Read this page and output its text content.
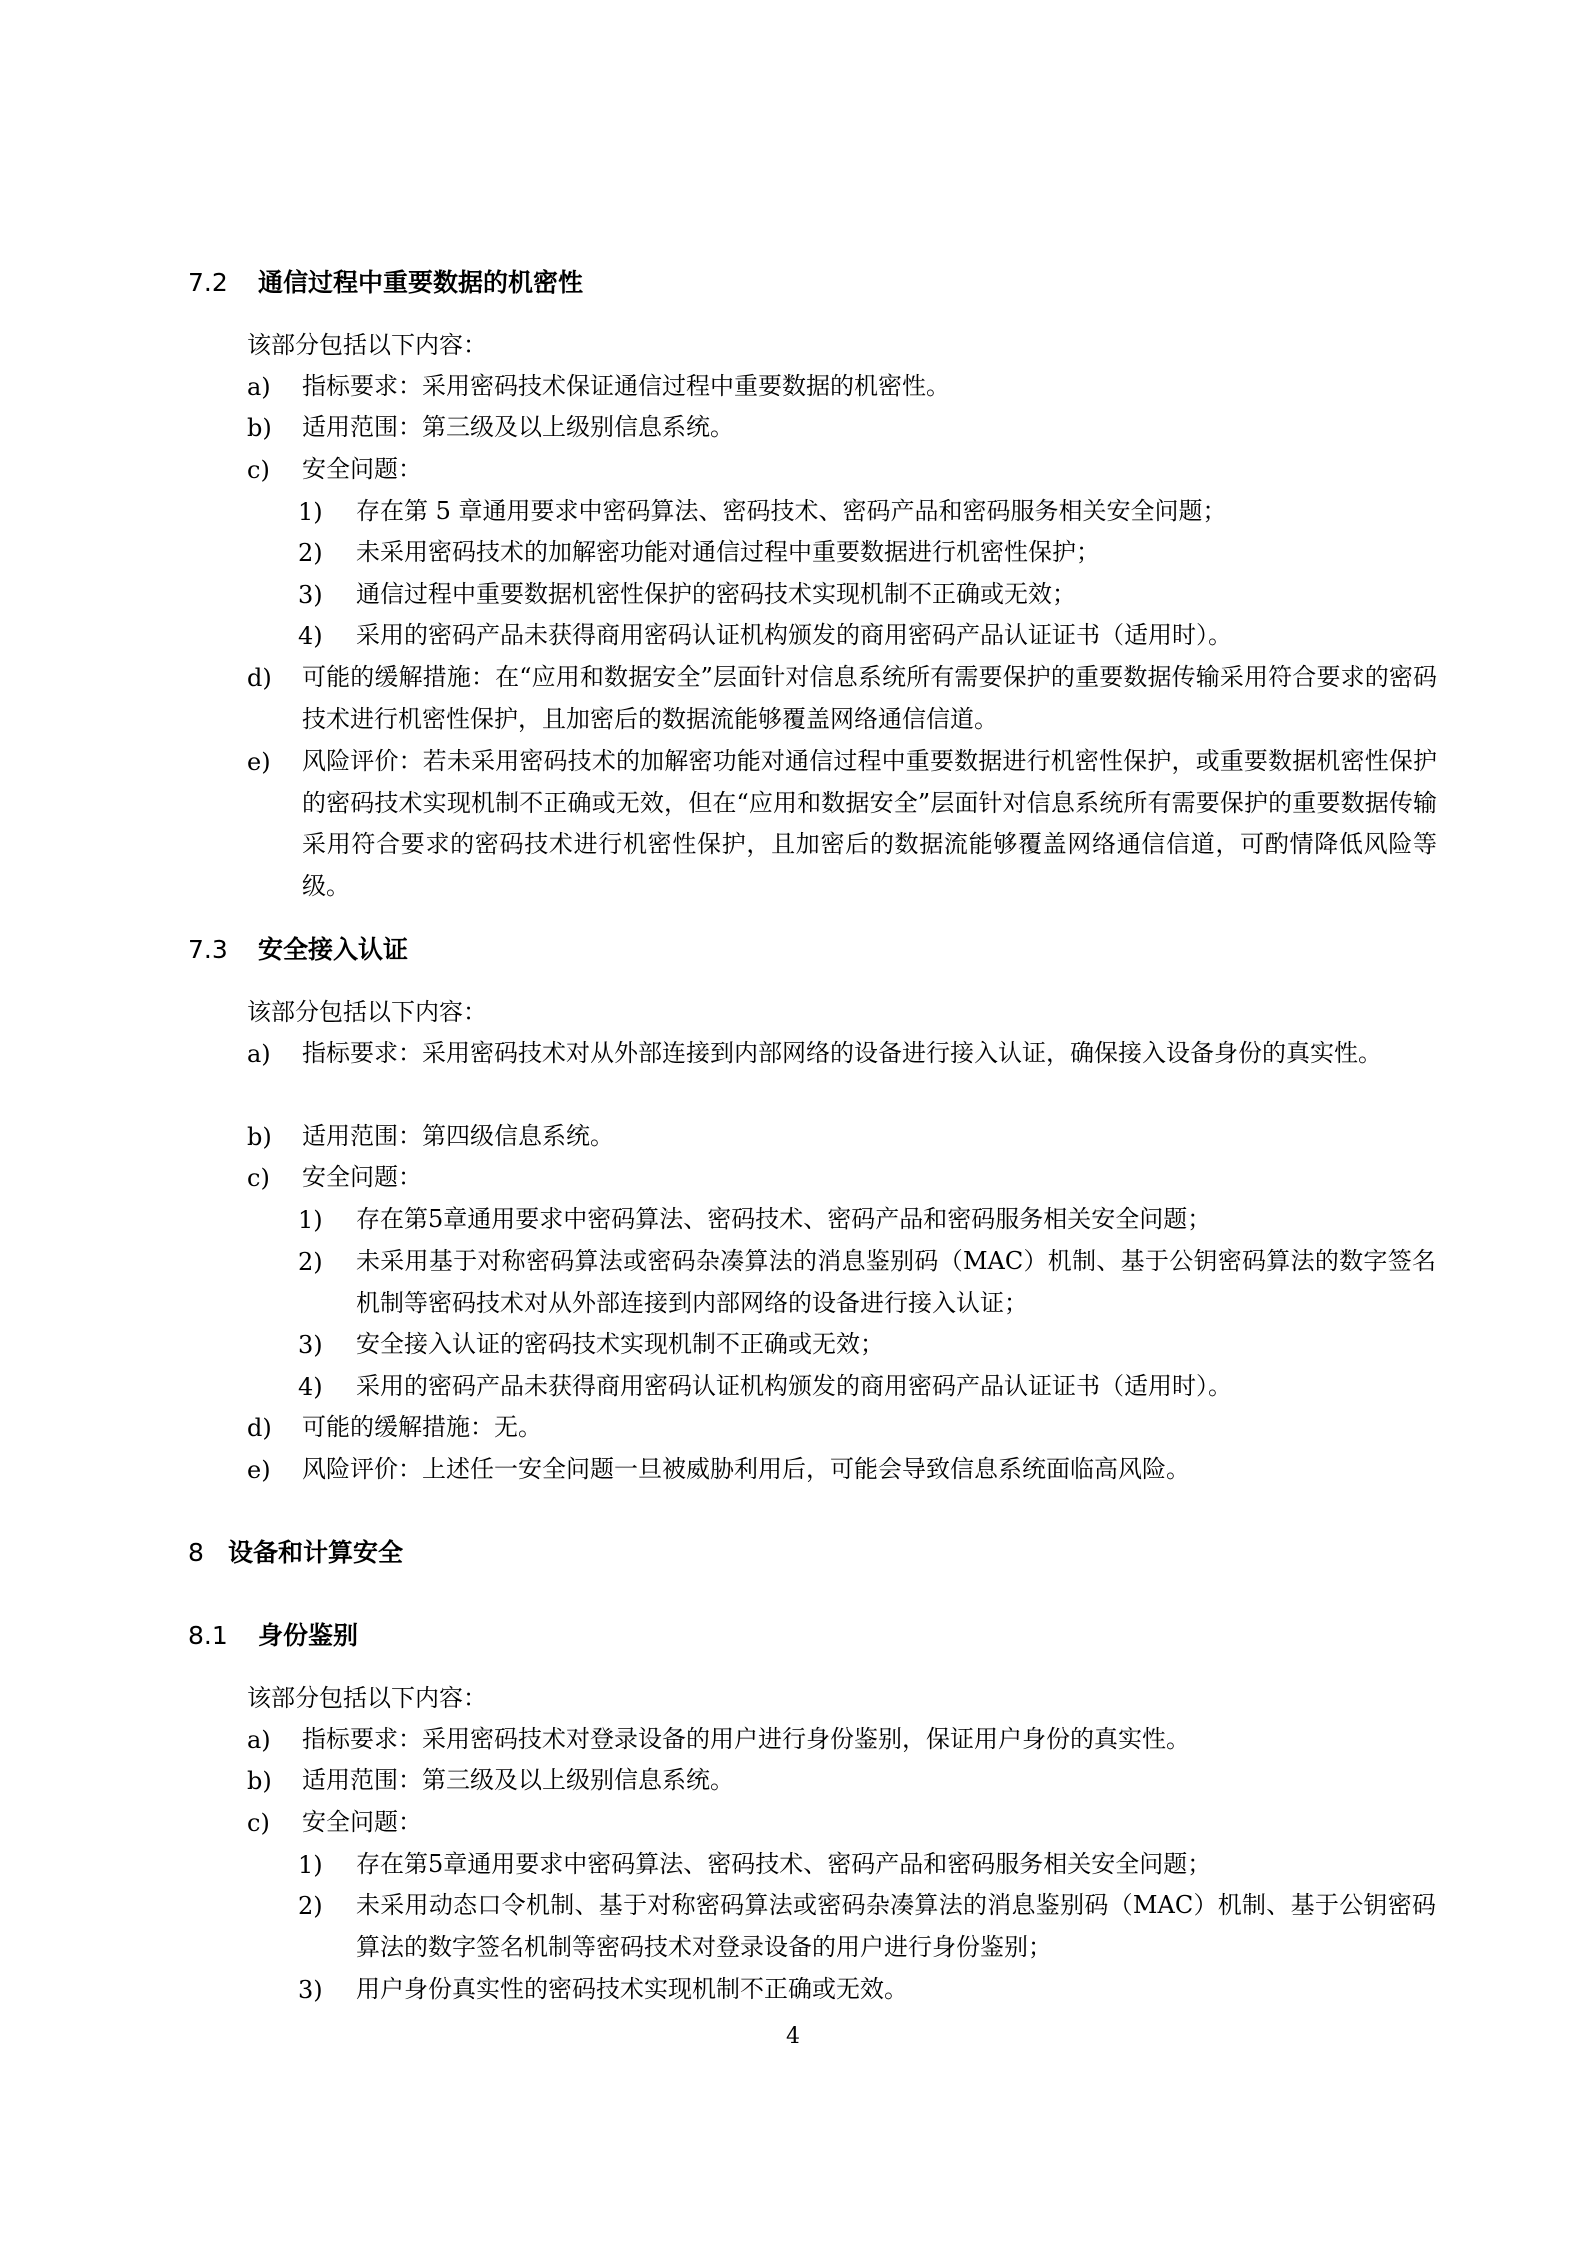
7.2 通信过程中重要数据的机密性
该部分包括以下内容：
a) 指标要求：采用密码技术保证通信过程中重要数据的机密性。
b) 适用范围：第三级及以上级别信息系统。
c) 安全问题：
1) 存在第 5 章通用要求中密码算法、密码技术、密码产品和密码服务相关安全问题；
2) 未采用密码技术的加解密功能对通信过程中重要数据进行机密性保护；
3) 通信过程中重要数据机密性保护的密码技术实现机制不正确或无效；
4) 采用的密码产品未获得商用密码认证机构颁发的商用密码产品认证证书（适用时）。
d) 可能的缓解措施：在“应用和数据安全”层面针对信息系统所有需要保护的重要数据传输采用符合要求的密码技术进行机密性保护，且加密后的数据流能够覆盖网络通信信道。
e) 风险评价：若未采用密码技术的加解密功能对通信过程中重要数据进行机密性保护，或重要数据机密性保护的密码技术实现机制不正确或无效，但在“应用和数据安全”层面针对信息系统所有需要保护的重要数据传输采用符合要求的密码技术进行机密性保护，且加密后的数据流能够覆盖网络通信信道，可酌情降低风险等级。
7.3 安全接入认证
该部分包括以下内容：
a) 指标要求：采用密码技术对从外部连接到内部网络的设备进行接入认证，确保接入设备身份的真实性。
b) 适用范围：第四级信息系统。
c) 安全问题：
1) 存在第5章通用要求中密码算法、密码技术、密码产品和密码服务相关安全问题；
2) 未采用基于对称密码算法或密码杂凑算法的消息鉴别码（MAC）机制、基于公钥密码算法的数字签名机制等密码技术对从外部连接到内部网络的设备进行接入认证；
3) 安全接入认证的密码技术实现机制不正确或无效；
4) 采用的密码产品未获得商用密码认证机构颁发的商用密码产品认证证书（适用时）。
d) 可能的缓解措施：无。
e) 风险评价：上述任一安全问题一旦被威胁利用后，可能会导致信息系统面临高风险。
8 设备和计算安全
8.1 身份鉴别
该部分包括以下内容：
a) 指标要求：采用密码技术对登录设备的用户进行身份鉴别，保证用户身份的真实性。
b) 适用范围：第三级及以上级别信息系统。
c) 安全问题：
1) 存在第5章通用要求中密码算法、密码技术、密码产品和密码服务相关安全问题；
2) 未采用动态口令机制、基于对称密码算法或密码杂凑算法的消息鉴别码（MAC）机制、基于公钥密码算法的数字签名机制等密码技术对登录设备的用户进行身份鉴别；
3) 用户身份真实性的密码技术实现机制不正确或无效。
4
